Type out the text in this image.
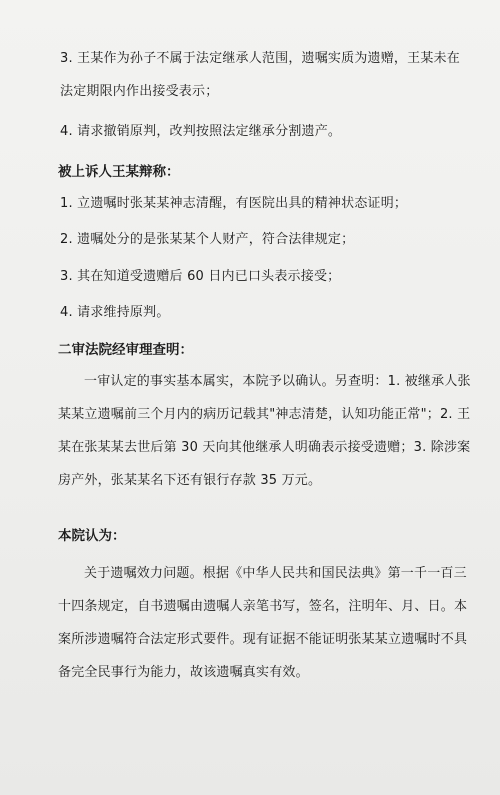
3. 王某作为孙子不属于法定继承人范围，遗嘱实质为遗赠，王某未在法定期限内作出接受表示；

4. 请求撤销原判，改判按照法定继承分割遗产。

被上诉人王某辩称：

1. 立遗嘱时张某某神志清醒，有医院出具的精神状态证明；

2. 遗嘱处分的是张某某个人财产，符合法律规定；

3. 其在知道受遗赠后 60 日内已口头表示接受；

4. 请求维持原判。

二审法院经审理查明：

一审认定的事实基本属实，本院予以确认。另查明：1. 被继承人张某某立遗嘱前三个月内的病历记载其"神志清楚，认知功能正常"；2. 王某在张某某去世后第 30 天向其他继承人明确表示接受遗赠；3. 除涉案房产外，张某某名下还有银行存款 35 万元。

本院认为：

关于遗嘱效力问题。根据《中华人民共和国民法典》第一千一百三十四条规定，自书遗嘱由遗嘱人亲笔书写，签名，注明年、月、日。本案所涉遗嘱符合法定形式要件。现有证据不能证明张某某立遗嘱时不具备完全民事行为能力，故该遗嘱真实有效。
